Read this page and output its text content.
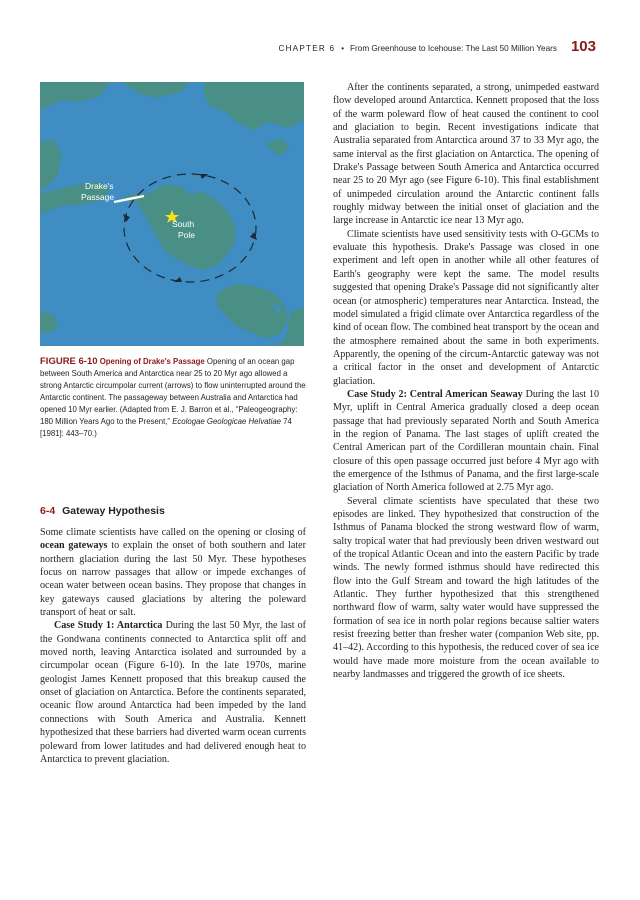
CHAPTER 6 • From Greenhouse to Icehouse: The Last 50 Million Years 103
Drake's
Passage
South
Pole
FIGURE 6-10 Opening of Drake's Passage Opening of an ocean gap between South America and Antarctica near 25 to 20 Myr ago allowed a strong Antarctic circumpolar current (arrows) to flow uninterrupted around the Antarctic continent. The passageway between Australia and Antarctica had opened 10 Myr earlier. (Adapted from E. J. Barron et al., “Paleogeography: 180 Million Years Ago to the Present,” Ecologae Geologicae Helvatiae 74 [1981]: 443–70.)
6-4 Gateway Hypothesis

Some climate scientists have called on the opening or closing of ocean gateways to explain the onset of both southern and later northern glaciation during the last 50 Myr. These hypotheses focus on narrow passages that allow or impede exchanges of ocean water between ocean basins. They propose that changes in key gateways caused glaciations by altering the poleward transport of heat or salt.

Case Study 1: Antarctica During the last 50 Myr, the last of the Gondwana continents connected to Antarctica split off and moved north, leaving Antarctica isolated and surrounded by a circumpolar ocean (Figure 6-10). In the late 1970s, marine geologist James Kennett proposed that this breakup caused the onset of glaciation on Antarctica. Before the continents separated, oceanic flow around Antarctica had been impeded by the land connections with South America and Australia. Kennett hypothesized that these barriers had diverted warm ocean currents poleward from lower latitudes and had delivered enough heat to Antarctica to prevent glaciation.

After the continents separated, a strong, unimpeded eastward flow developed around Antarctica. Kennett proposed that the loss of the warm poleward flow of heat caused the continent to cool and glaciation to begin. Recent investigations indicate that Australia separated from Antarctica around 37 to 33 Myr ago, the same interval as the first glaciation on Antarctica. The opening of Drake's Passage between South America and Antarctica occurred near 25 to 20 Myr ago (see Figure 6-10). This final establishment of unimpeded circulation around the Antarctic continent falls roughly midway between the initial onset of glaciation and the large increase in Antarctic ice near 13 Myr ago.

Climate scientists have used sensitivity tests with O-GCMs to evaluate this hypothesis. Drake's Passage was closed in one experiment and left open in another while all other features of Earth's geography were kept the same. The model results suggested that opening Drake's Passage did not significantly alter ocean (or atmospheric) temperatures near Antarctica. Instead, the model simulated a frigid climate over Antarctica regardless of the kind of ocean flow. The combined heat transport by the ocean and the atmosphere remained about the same in both experiments. Apparently, the opening of the circum-Antarctic gateway was not a critical factor in the onset and development of Antarctic glaciation.

Case Study 2: Central American Seaway During the last 10 Myr, uplift in Central America gradually closed a deep ocean passage that had previously separated North and South America in the region of Panama. The last stages of uplift created the Central American part of the Cordilleran mountain chain. Final closure of this open passage occurred just before 4 Myr ago with the emergence of the Isthmus of Panama, and the first large-scale glaciation of North America followed at 2.75 Myr ago.

Several climate scientists have speculated that these two episodes are linked. They hypothesized that construction of the Isthmus of Panama blocked the strong westward flow of warm, salty tropical water that had previously been driven westward out of the tropical Atlantic Ocean and into the eastern Pacific by trade winds. The newly formed isthmus should have redirected this flow into the Gulf Stream and toward the high latitudes of the Atlantic. They further hypothesized that this strengthened northward flow of warm, salty water would have suppressed the formation of sea ice in north polar regions because saltier waters resist freezing better than fresher water (companion Web site, pp. 41–42). According to this hypothesis, the reduced cover of sea ice would have made more moisture from the ocean available to nearby landmasses and triggered the growth of ice sheets.
